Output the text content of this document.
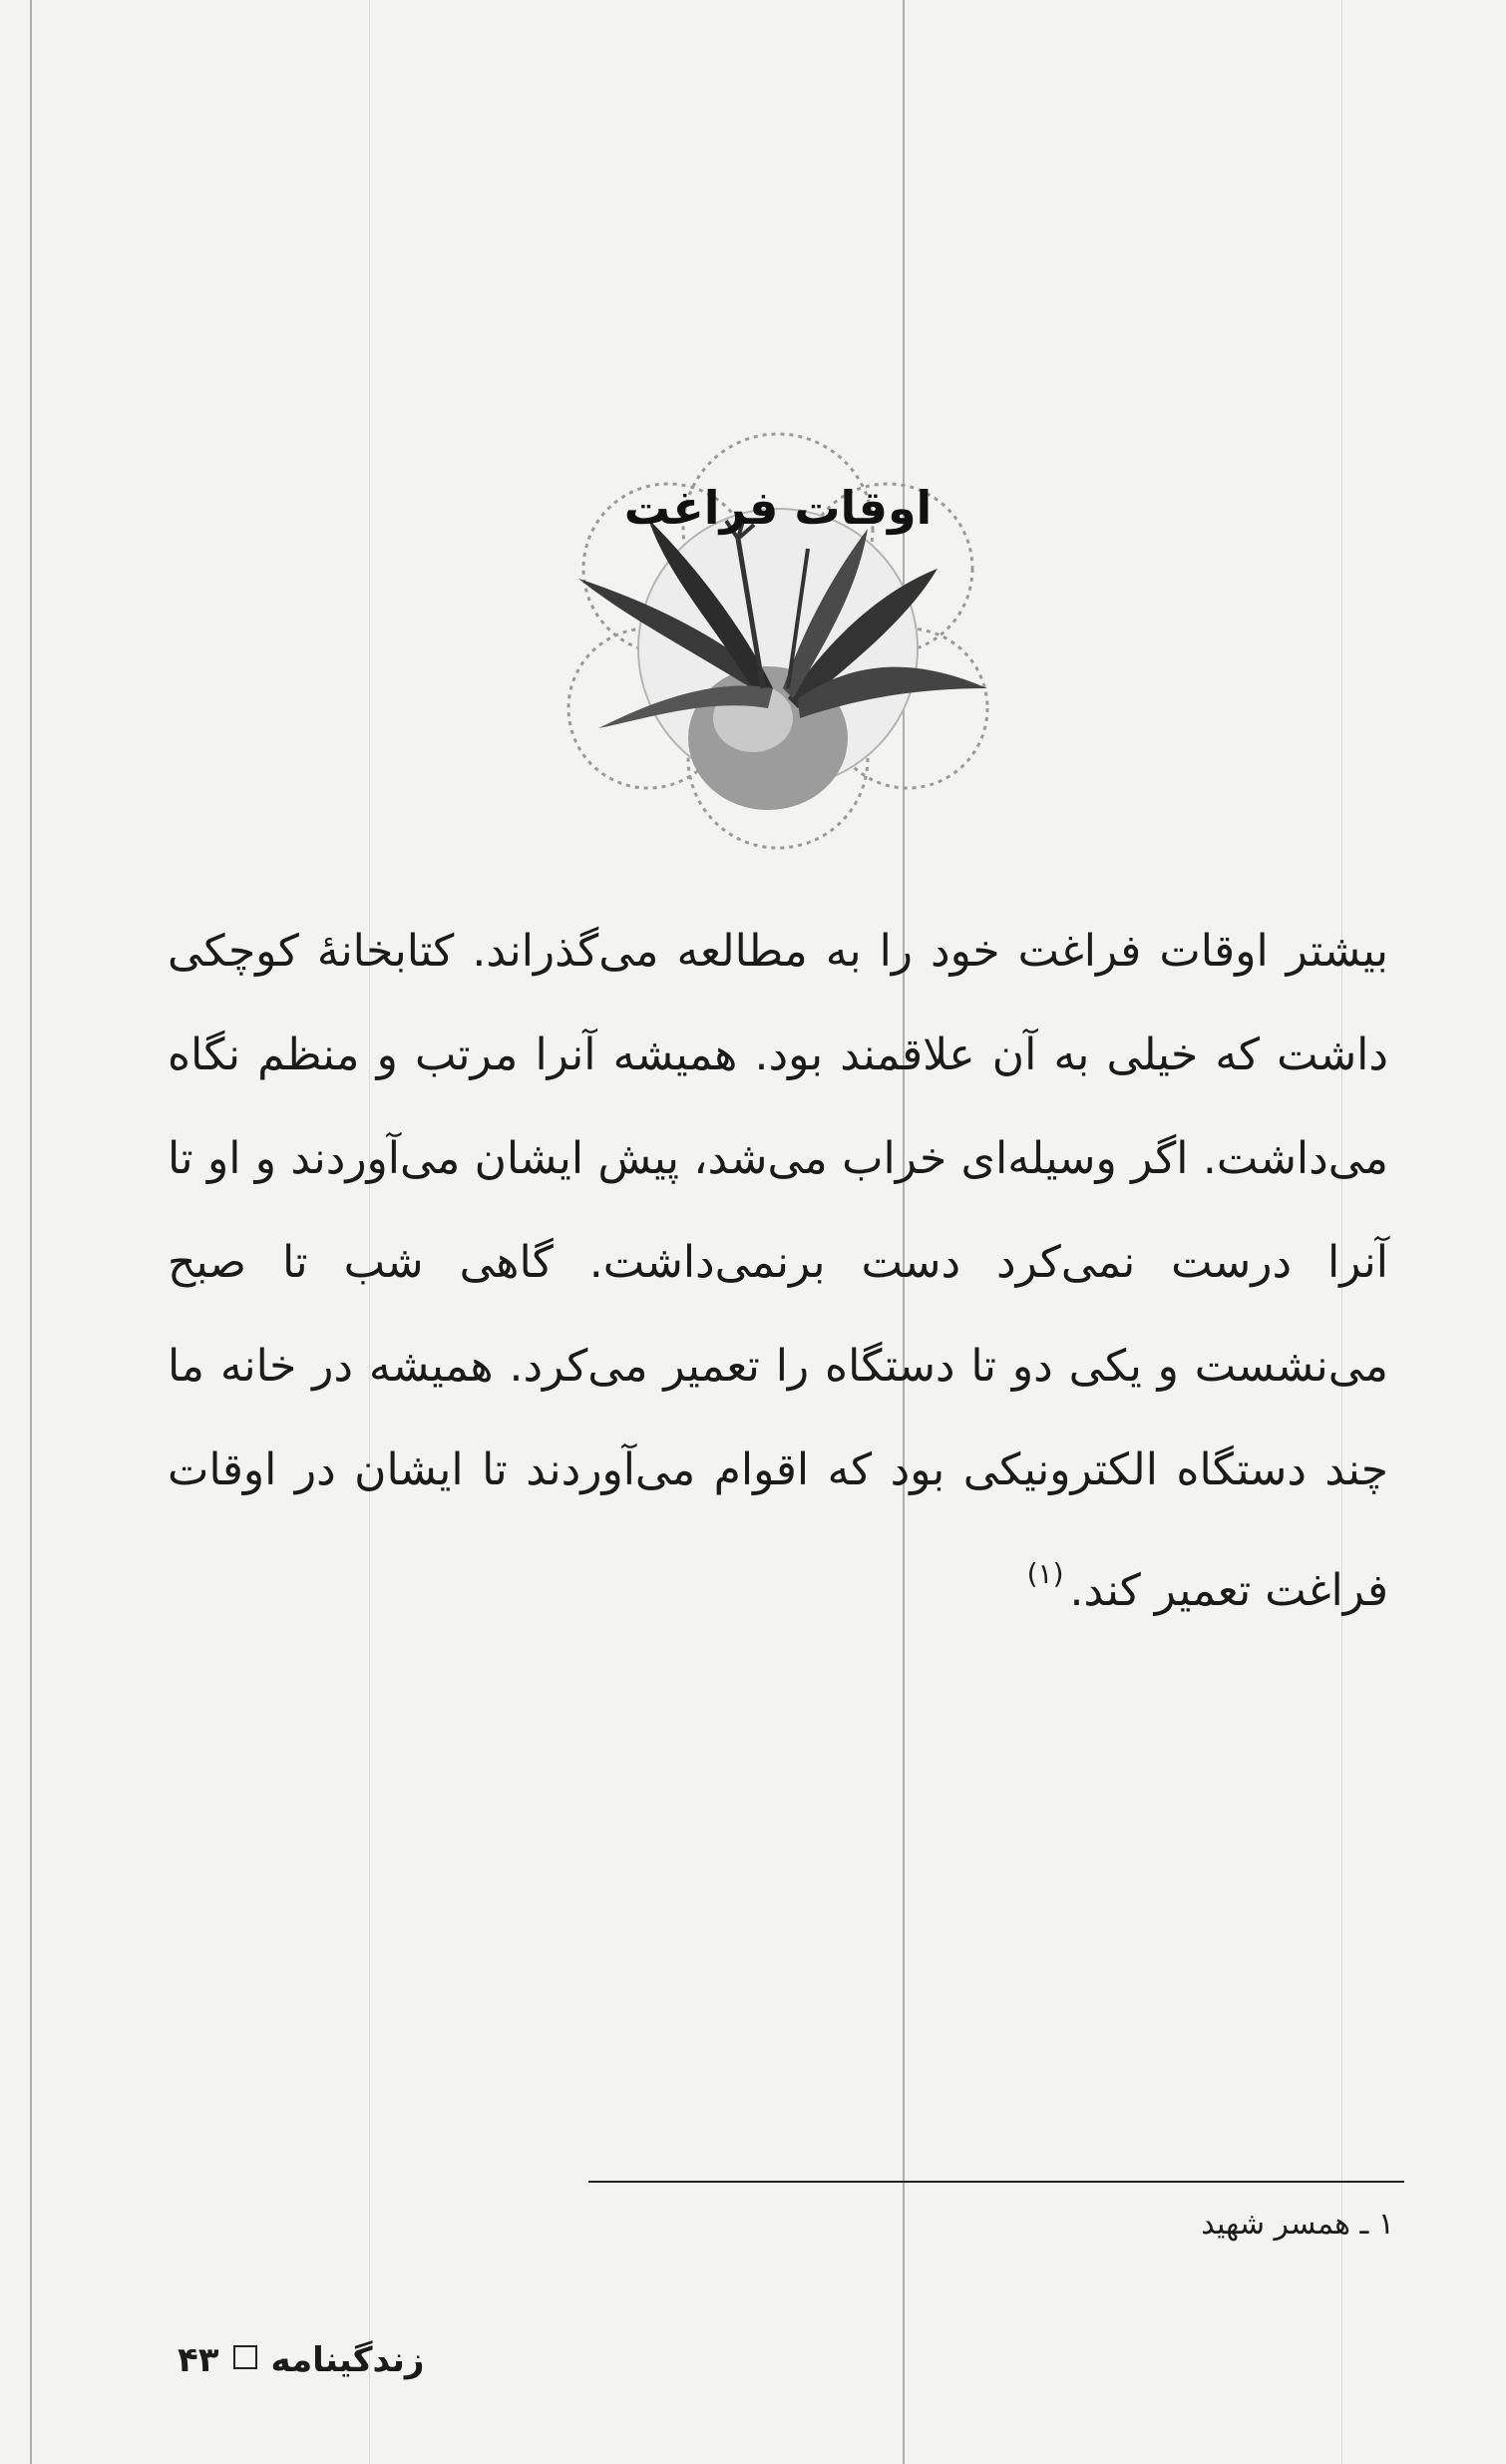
اوقات فراغت

بیشتر اوقات فراغت خود را به مطالعه می‌گذراند. کتابخانهٔ کوچکی داشت که خیلی به آن علاقمند بود. همیشه آنرا مرتب و منظم نگاه می‌داشت. اگر وسیله‌ای خراب می‌شد، پیش ایشان می‌آوردند و او تا آنرا درست نمی‌کرد دست برنمی‌داشت. گاهی شب تا صبح می‌نشست و یکی دو تا دستگاه را تعمیر می‌کرد. همیشه در خانه ما چند دستگاه الکترونیکی بود که اقوام می‌آوردند تا ایشان در اوقات فراغت تعمیر کند.$^{(۱)}$

۱ ـ همسر شهید
زندگینامه۴۳
